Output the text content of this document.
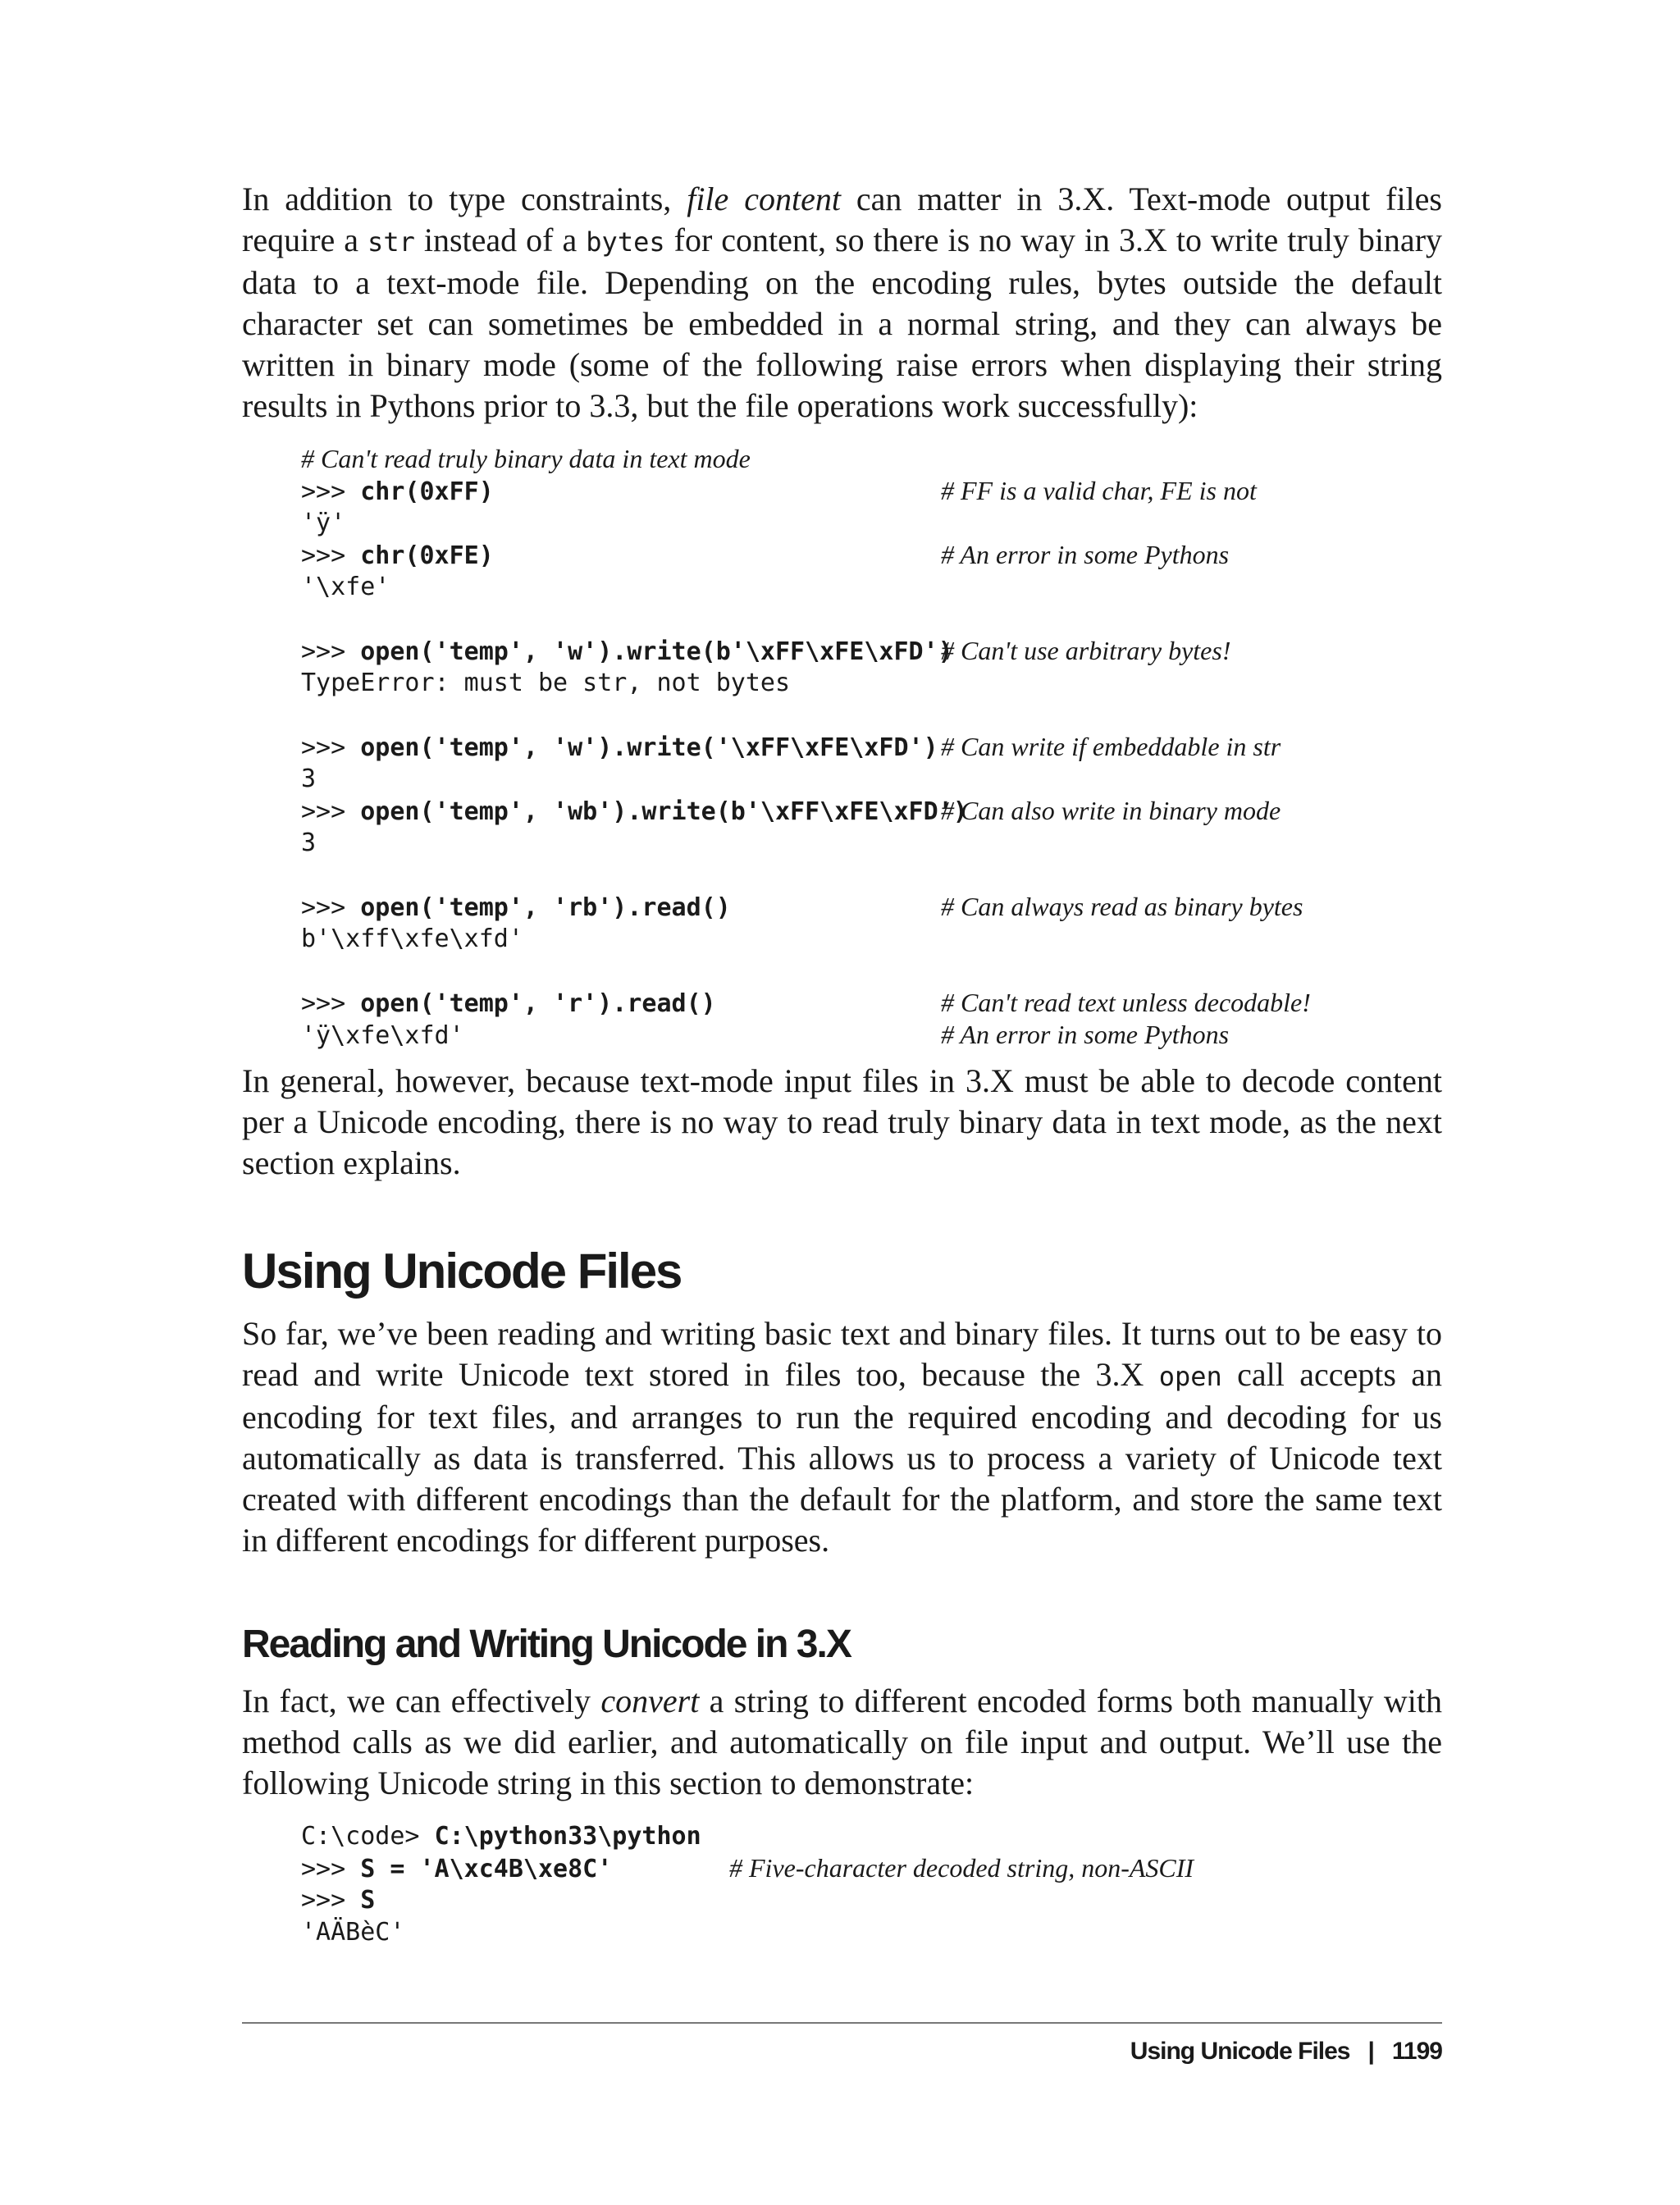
In addition to type constraints, file content can matter in 3.X. Text-mode output files require a str instead of a bytes for content, so there is no way in 3.X to write truly binary data to a text-mode file. Depending on the encoding rules, bytes outside the default character set can sometimes be embedded in a normal string, and they can always be written in binary mode (some of the following raise errors when displaying their string results in Pythons prior to 3.3, but the file operations work successfully):

# Can't read truly binary data in text mode
>>> chr(0xFF)	# FF is a valid char, FE is not
'ÿ'
>>> chr(0xFE)	# An error in some Pythons
'\xfe'
>>> open('temp', 'w').write(b'\xFF\xFE\xFD')
# Can't use arbitrary bytes!
TypeError: must be str, not bytes
>>> open('temp', 'w').write('\xFF\xFE\xFD') # Can write if embeddable in str
3
>>> open('temp', 'wb').write(b'\xFF\xFE\xFD')
# Can also write in binary mode
3
>>> open('temp', 'rb').read()	# Can always read as binary bytes
b'\xff\xfe\xfd'
>>> open('temp', 'r').read()	# Can't read text unless decodable!
'ÿ\xfe\xfd'	# An error in some Pythons

In general, however, because text-mode input files in 3.X must be able to decode content per a Unicode encoding, there is no way to read truly binary data in text mode, as the next section explains.

Using Unicode Files

So far, we’ve been reading and writing basic text and binary files. It turns out to be easy to read and write Unicode text stored in files too, because the 3.X open call accepts an encoding for text files, and arranges to run the required encoding and decoding for us automatically as data is transferred. This allows us to process a variety of Unicode text created with different encodings than the default for the platform, and store the same text in different encodings for different purposes.

Reading and Writing Unicode in 3.X

In fact, we can effectively convert a string to different encoded forms both manually with method calls as we did earlier, and automatically on file input and output. We’ll use the following Unicode string in this section to demonstrate:

C:\code> C:\python33\python
>>> S = 'A\xc4B\xe8C'	# Five-character decoded string, non-ASCII
>>> S
'AÄBèC'
Using Unicode Files | 1199
